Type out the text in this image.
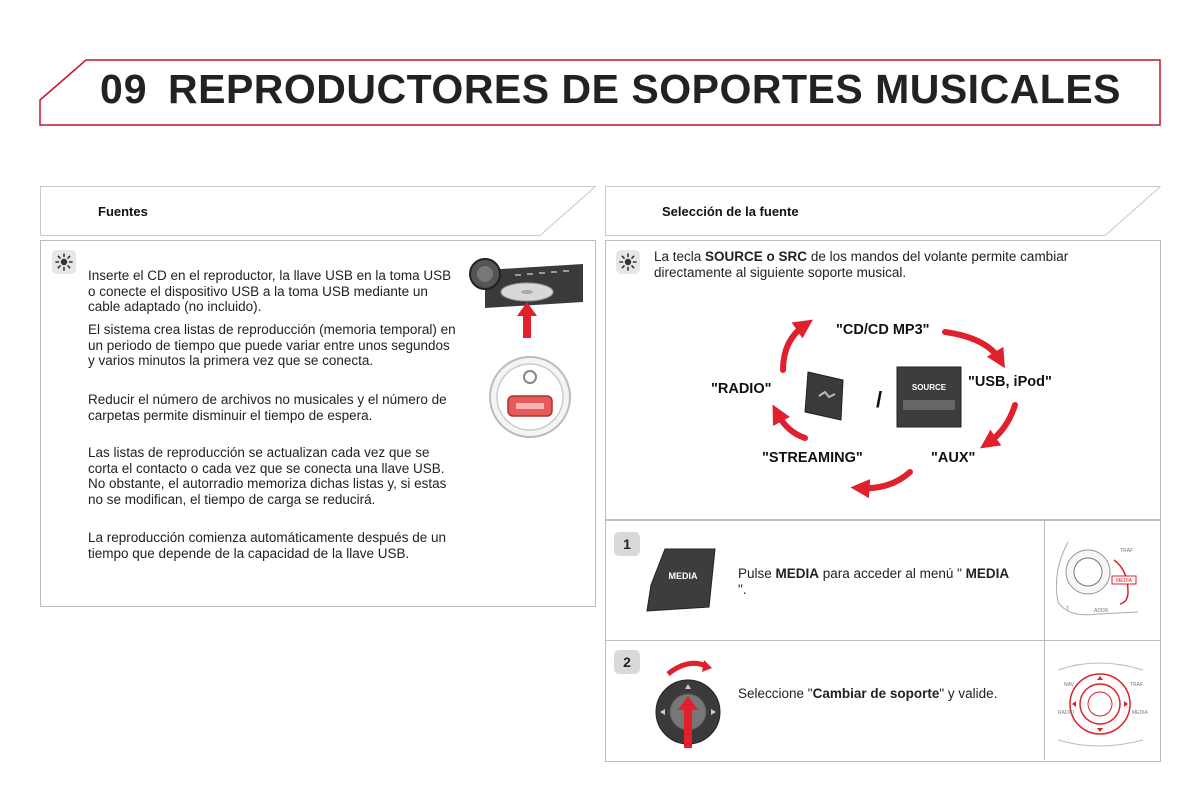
09 REPRODUCTORES DE SOPORTES MUSICALES
Fuentes
Inserte el CD en el reproductor, la llave USB en la toma USB o conecte el dispositivo USB a la toma USB mediante un cable adaptado (no incluido).
El sistema crea listas de reproducción (memoria temporal) en un periodo de tiempo que puede variar entre unos segundos y varios minutos la primera vez que se conecta.
Reducir el número de archivos no musicales y el número de carpetas permite disminuir el tiempo de espera.
Las listas de reproducción se actualizan cada vez que se corta el contacto o cada vez que se conecta una llave USB. No obstante, el autorradio memoriza dichas listas y, si estas no se modifican, el tiempo de carga se reducirá.
La reproducción comienza automáticamente después de un tiempo que depende de la capacidad de la llave USB.
Selección de la fuente
La tecla SOURCE o SRC de los mandos del volante permite cambiar directamente al siguiente soporte musical.
SOURCE
"CD/CD MP3"
"USB, iPod"
"AUX"
"STREAMING"
"RADIO"	/
1
MEDIA	Pulse MEDIA para acceder al menú " MEDIA ".
MEDIA
TRAF
T	ADDR.
2
Seleccione "Cambiar de soporte" y valide.
NAV	TRAF
RADIO	MEDIA
